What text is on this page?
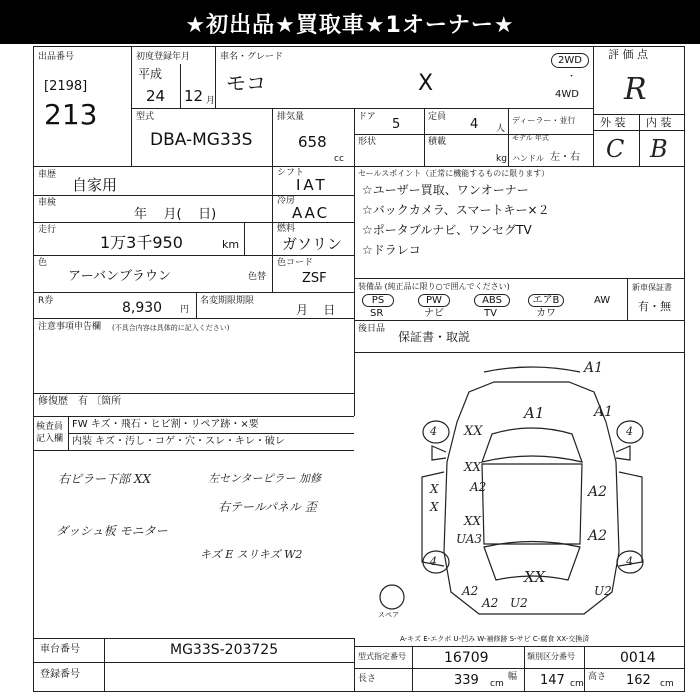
★初出品★買取車★1オーナー★
出品番号
[2198]
213
初度登録年月
平成
24 12 月
車名・グレード
モコ	X
2WD
・
4WD
評 価 点
R
外 装 内 装
C B
型式
DBA-MG33S
排気量
658
cc
ドア 5
形状
定員 4 人
積載
kg
ディーラー・並行
モデル 年式
ハンドル 左・右
車歴
自家用
シフト
IAT
車検
年    月(    日)
冷房
AAC
走行
1万3千950	km
燃料
ガソリン
色
アーバンブラウン	色替
色コード
ZSF
R券	8,930 円
名変期限期限
月    日
注意事項申告欄 (不具合内容は具体的に記入ください)
修復歴 有 〔箇所
検査員
記入欄
FW キズ・飛石・ヒビ割・リペア跡・×要
内装 キズ・汚し・コゲ・穴・スレ・キレ・破レ
右ピラー下部 XX	左センターピラー 加修
右テールパネル 歪
ダッシュ板 モニター
キズ E スリキズ W2
セールスポイント（正常に機能するものに限ります）
☆ユーザー買取、ワンオーナー
☆バックカメラ、スマートキー×２
☆ポータブルナビ、ワンセグTV
☆ドラレコ
装備品 (純正品に限り○で囲んでください)
PS	PW	ABS	エアB	AW
SR	ナビ	TV	カワ
新車保証書
有・無
後日品
保証書・取説
A1
A1	A1
XX
XX
XX
X
X
A2	A2
A2
A2
UA3
XX
A2
U2
U2
4	4
4	4
スペア
A-キズ E-エクボ U-凹み W-補修跡 S-サビ C-腐食 XX-交換済
車台番号	MG33S-203725
登録番号
型式指定番号	16709	類別区分番号	0014
長さ	339 cm
幅 147 cm
高さ 162 cm
